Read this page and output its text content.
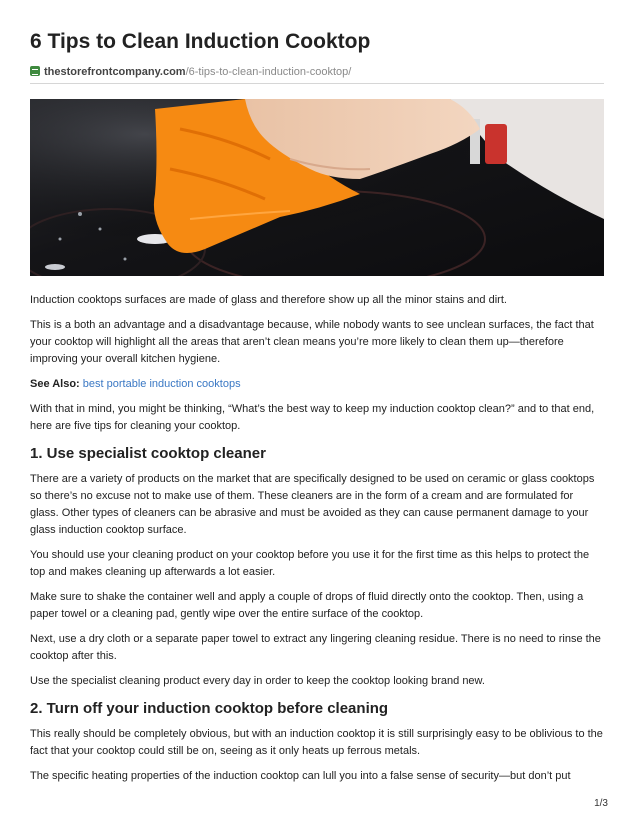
6 Tips to Clean Induction Cooktop
thestorefrontcompany.com/6-tips-to-clean-induction-cooktop/

Induction cooktops surfaces are made of glass and therefore show up all the minor stains and dirt.

This is a both an advantage and a disadvantage because, while nobody wants to see unclean surfaces, the fact that your cooktop will highlight all the areas that aren’t clean means you’re more likely to clean them up—therefore improving your overall kitchen hygiene.

See Also: best portable induction cooktops

With that in mind, you might be thinking, “What’s the best way to keep my induction cooktop clean?” and to that end, here are five tips for cleaning your cooktop.

1. Use specialist cooktop cleaner

There are a variety of products on the market that are specifically designed to be used on ceramic or glass cooktops so there’s no excuse not to make use of them. These cleaners are in the form of a cream and are formulated for glass. Other types of cleaners can be abrasive and must be avoided as they can cause permanent damage to your glass induction cooktop surface.

You should use your cleaning product on your cooktop before you use it for the first time as this helps to protect the top and makes cleaning up afterwards a lot easier.

Make sure to shake the container well and apply a couple of drops of fluid directly onto the cooktop. Then, using a paper towel or a cleaning pad, gently wipe over the entire surface of the cooktop.

Next, use a dry cloth or a separate paper towel to extract any lingering cleaning residue. There is no need to rinse the cooktop after this.

Use the specialist cleaning product every day in order to keep the cooktop looking brand new.

2. Turn off your induction cooktop before cleaning

This really should be completely obvious, but with an induction cooktop it is still surprisingly easy to be oblivious to the fact that your cooktop could still be on, seeing as it only heats up ferrous metals.

The specific heating properties of the induction cooktop can lull you into a false sense of security—but don’t put

1/3
